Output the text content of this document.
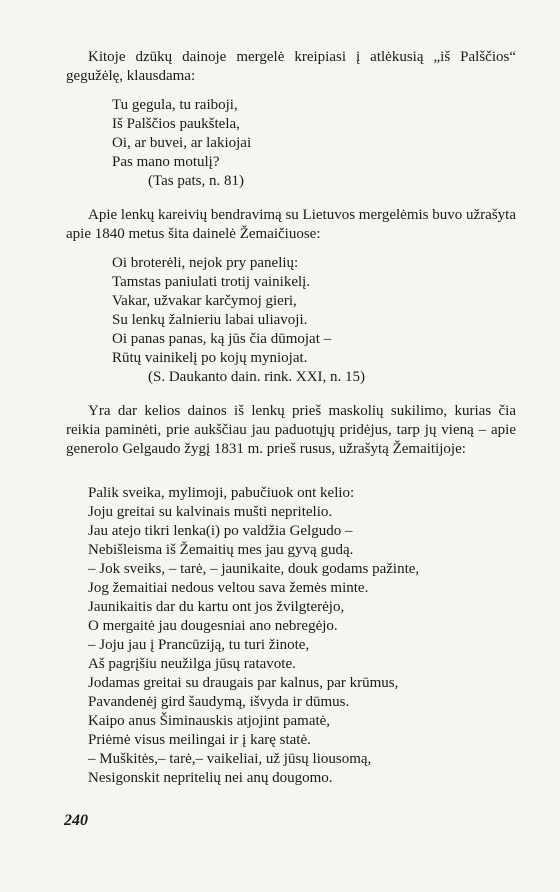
Kitoje dzūkų dainoje mergelė kreipiasi į atlėkusią „iš Palščios“ gegužėlę, klausdama:

Tu gegula, tu raiboji,
Iš Palščios paukštela,
Oi, ar buvei, ar lakiojai
Pas mano motulį?
(Tas pats, n. 81)

Apie lenkų kareivių bendravimą su Lietuvos mergelėmis buvo užrašyta apie 1840 metus šita dainelė Žemaičiuose:

Oi broterėli, nejok pry panelių:
Tamstas paniulati trotij vainikelį.
Vakar, užvakar karčymoj gieri,
Su lenkų žalnieriu labai uliavoji.
Oi panas panas, ką jūs čia dūmojat –
Rūtų vainikelį po kojų myniojat.
(S. Daukanto dain. rink. XXI, n. 15)

Yra dar kelios dainos iš lenkų prieš maskolių sukilimo, kurias čia reikia paminėti, prie aukščiau jau paduotųjų pridėjus, tarp jų vieną – apie generolo Gelgaudo žygį 1831 m. prieš rusus, užrašytą Žemaitijoje:

Palik sveika, mylimoji, pabučiuok ont kelio:
Joju greitai su kalvinais mušti nepritelio.
Jau atejo tikri lenka(i) po valdžia Gelgudo –
Nebišleisma iš Žemaitių mes jau gyvą gudą.
– Jok sveiks, – tarė, – jaunikaite, douk godams pažinte,
Jog žemaitiai nedous veltou sava žemės minte.
Jaunikaitis dar du kartu ont jos žvilgterėjo,
O mergaitė jau dougesniai ano nebregėjo.
– Joju jau į Prancūziją, tu turi žinote,
Aš pagrįšiu neužilga jūsų ratavote.
Jodamas greitai su draugais par kalnus, par krūmus,
Pavandenėj gird šaudymą, išvyda ir dūmus.
Kaipo anus Šiminauskis atjojint pamatė,
Priėmė visus meilingai ir į karę statė.
– Muškitės,– tarė,– vaikeliai, už jūsų liousomą,
Nesigonskit nepritelių nei anų dougomo.
240
